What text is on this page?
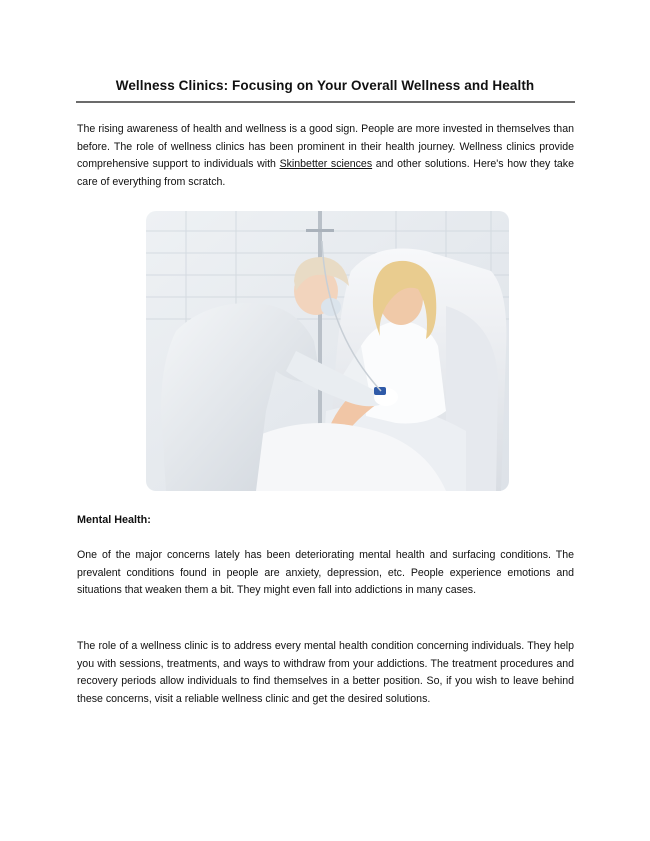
Wellness Clinics: Focusing on Your Overall Wellness and Health
The rising awareness of health and wellness is a good sign. People are more invested in themselves than before. The role of wellness clinics has been prominent in their health journey. Wellness clinics provide comprehensive support to individuals with Skinbetter sciences and other solutions. Here's how they take care of everything from scratch.
Mental Health:
One of the major concerns lately has been deteriorating mental health and surfacing conditions. The prevalent conditions found in people are anxiety, depression, etc. People experience emotions and situations that weaken them a bit. They might even fall into addictions in many cases.
The role of a wellness clinic is to address every mental health condition concerning individuals. They help you with sessions, treatments, and ways to withdraw from your addictions. The treatment procedures and recovery periods allow individuals to find themselves in a better position. So, if you wish to leave behind these concerns, visit a reliable wellness clinic and get the desired solutions.
